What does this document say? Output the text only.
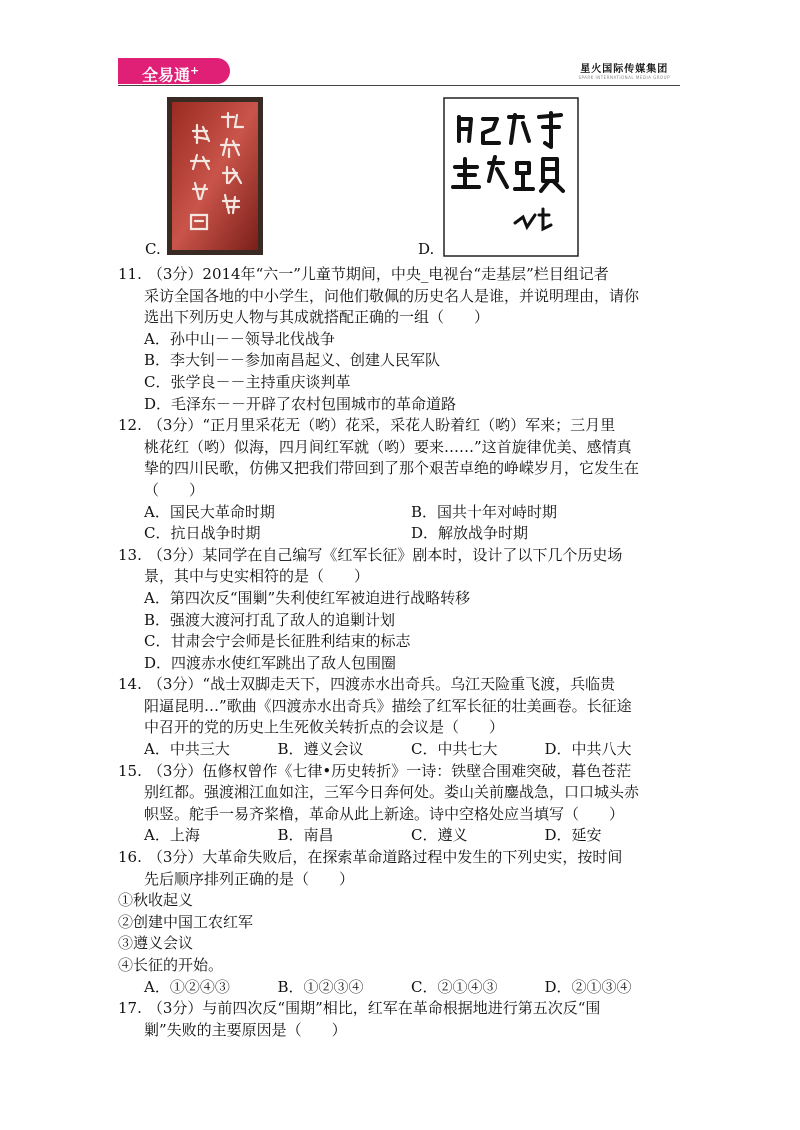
全易通+	星火国际传媒集团
SPARK INTERNATIONAL MEDIA GROUP
C.	D.
11. （3分）2014年“六一”儿童节期间，中央_电视台“走基层”栏目组记者
采访全国各地的中小学生，问他们敬佩的历史名人是谁，并说明理由，请你
选出下列历史人物与其成就搭配正确的一组（　　）
A．孙中山－－领导北伐战争
B．李大钊－－参加南昌起义、创建人民军队
C．张学良－－主持重庆谈判革
D．毛泽东－－开辟了农村包围城市的革命道路
12. （3分）“正月里采花无（哟）花采，采花人盼着红（哟）军来；三月里
桃花红（哟）似海，四月间红军就（哟）要来……”这首旋律优美、感情真
挚的四川民歌，仿佛又把我们带回到了那个艰苦卓绝的峥嵘岁月，它发生在
（　　）
A．国民大革命时期	B．国共十年对峙时期
C．抗日战争时期	D．解放战争时期
13. （3分）某同学在自己编写《红军长征》剧本时，设计了以下几个历史场
景，其中与史实相符的是（　　）
A．第四次反“围剿”失利使红军被迫进行战略转移
B．强渡大渡河打乱了敌人的追剿计划
C．甘肃会宁会师是长征胜利结束的标志
D．四渡赤水使红军跳出了敌人包围圈
14. （3分）“战士双脚走天下，四渡赤水出奇兵。乌江天险重飞渡，兵临贵
阳逼昆明…”歌曲《四渡赤水出奇兵》描绘了红军长征的壮美画卷。长征途
中召开的党的历史上生死攸关转折点的会议是（　　）
A．中共三大	B．遵义会议	C．中共七大	D．中共八大
15. （3分）伍修权曾作《七律•历史转折》一诗：铁壁合围难突破，暮色苍茫
别红都。强渡湘江血如注，三军今日奔何处。娄山关前鏖战急，口口城头赤
帜竖。舵手一易齐桨橹，革命从此上新途。诗中空格处应当填写（　　）
A．上海	B．南昌	C．遵义	D．延安
16. （3分）大革命失败后，在探索革命道路过程中发生的下列史实，按时间
先后顺序排列正确的是（　　）
①秋收起义
②创建中国工农红军
③遵义会议
④长征的开始。
A．①②④③	B．①②③④	C．②①④③	D．②①③④
17. （3分）与前四次反“围期”相比，红军在革命根据地进行第五次反“围
剿”失败的主要原因是（　　）
